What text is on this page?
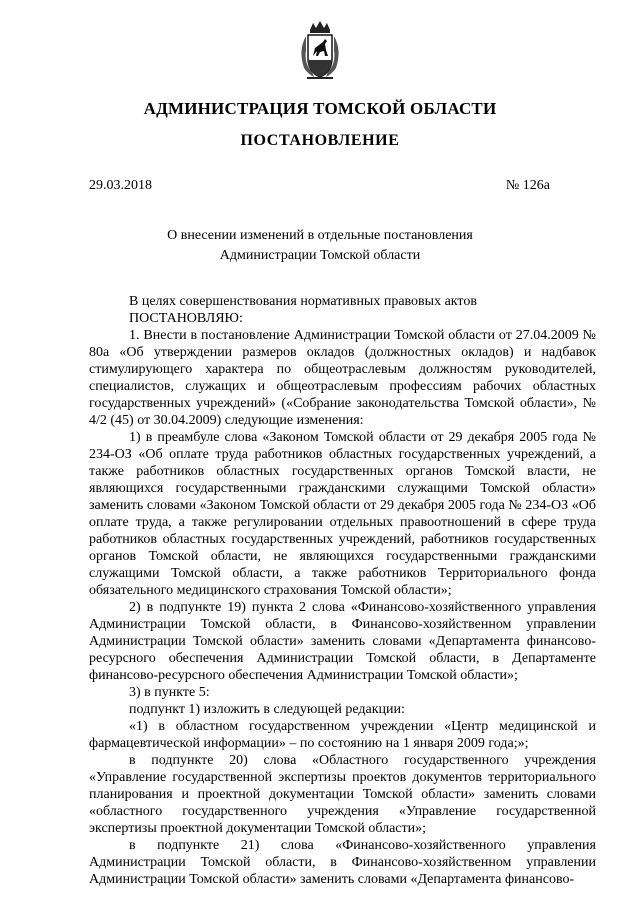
АДМИНИСТРАЦИЯ ТОМСКОЙ ОБЛАСТИ
ПОСТАНОВЛЕНИЕ
29.03.2018	№ 126а
О внесении изменений в отдельные постановления
Администрации Томской области

В целях совершенствования нормативных правовых актов

ПОСТАНОВЛЯЮ:

1. Внести в постановление Администрации Томской области от 27.04.2009 № 80а «Об утверждении размеров окладов (должностных окладов) и надбавок стимулирующего характера по общеотраслевым должностям руководителей, специалистов, служащих и общеотраслевым профессиям рабочих областных государственных учреждений» («Собрание законодательства Томской области», № 4/2 (45) от 30.04.2009) следующие изменения:

1) в преамбуле слова «Законом Томской области от 29 декабря 2005 года № 234-ОЗ «Об оплате труда работников областных государственных учреждений, а также работников областных государственных органов Томской власти, не являющихся государственными гражданскими служащими Томской области» заменить словами «Законом Томской области от 29 декабря 2005 года № 234-ОЗ «Об оплате труда, а также регулировании отдельных правоотношений в сфере труда работников областных государственных учреждений, работников государственных органов Томской области, не являющихся государственными гражданскими служащими Томской области, а также работников Территориального фонда обязательного медицинского страхования Томской области»;

2) в подпункте 19) пункта 2 слова «Финансово-хозяйственного управления Администрации Томской области, в Финансово-хозяйственном управлении Администрации Томской области» заменить словами «Департамента финансово-ресурсного обеспечения Администрации Томской области, в Департаменте финансово-ресурсного обеспечения Администрации Томской области»;

3) в пункте 5:

подпункт 1) изложить в следующей редакции:

«1) в областном государственном учреждении «Центр медицинской и фармацевтической информации» – по состоянию на 1 января 2009 года;»;

в подпункте 20) слова «Областного государственного учреждения «Управление государственной экспертизы проектов документов территориального планирования и проектной документации Томской области» заменить словами «областного государственного учреждения «Управление государственной экспертизы проектной документации Томской области»;

в подпункте 21) слова «Финансово-хозяйственного управления Администрации Томской области, в Финансово-хозяйственном управлении Администрации Томской области» заменить словами «Департамента финансово-
